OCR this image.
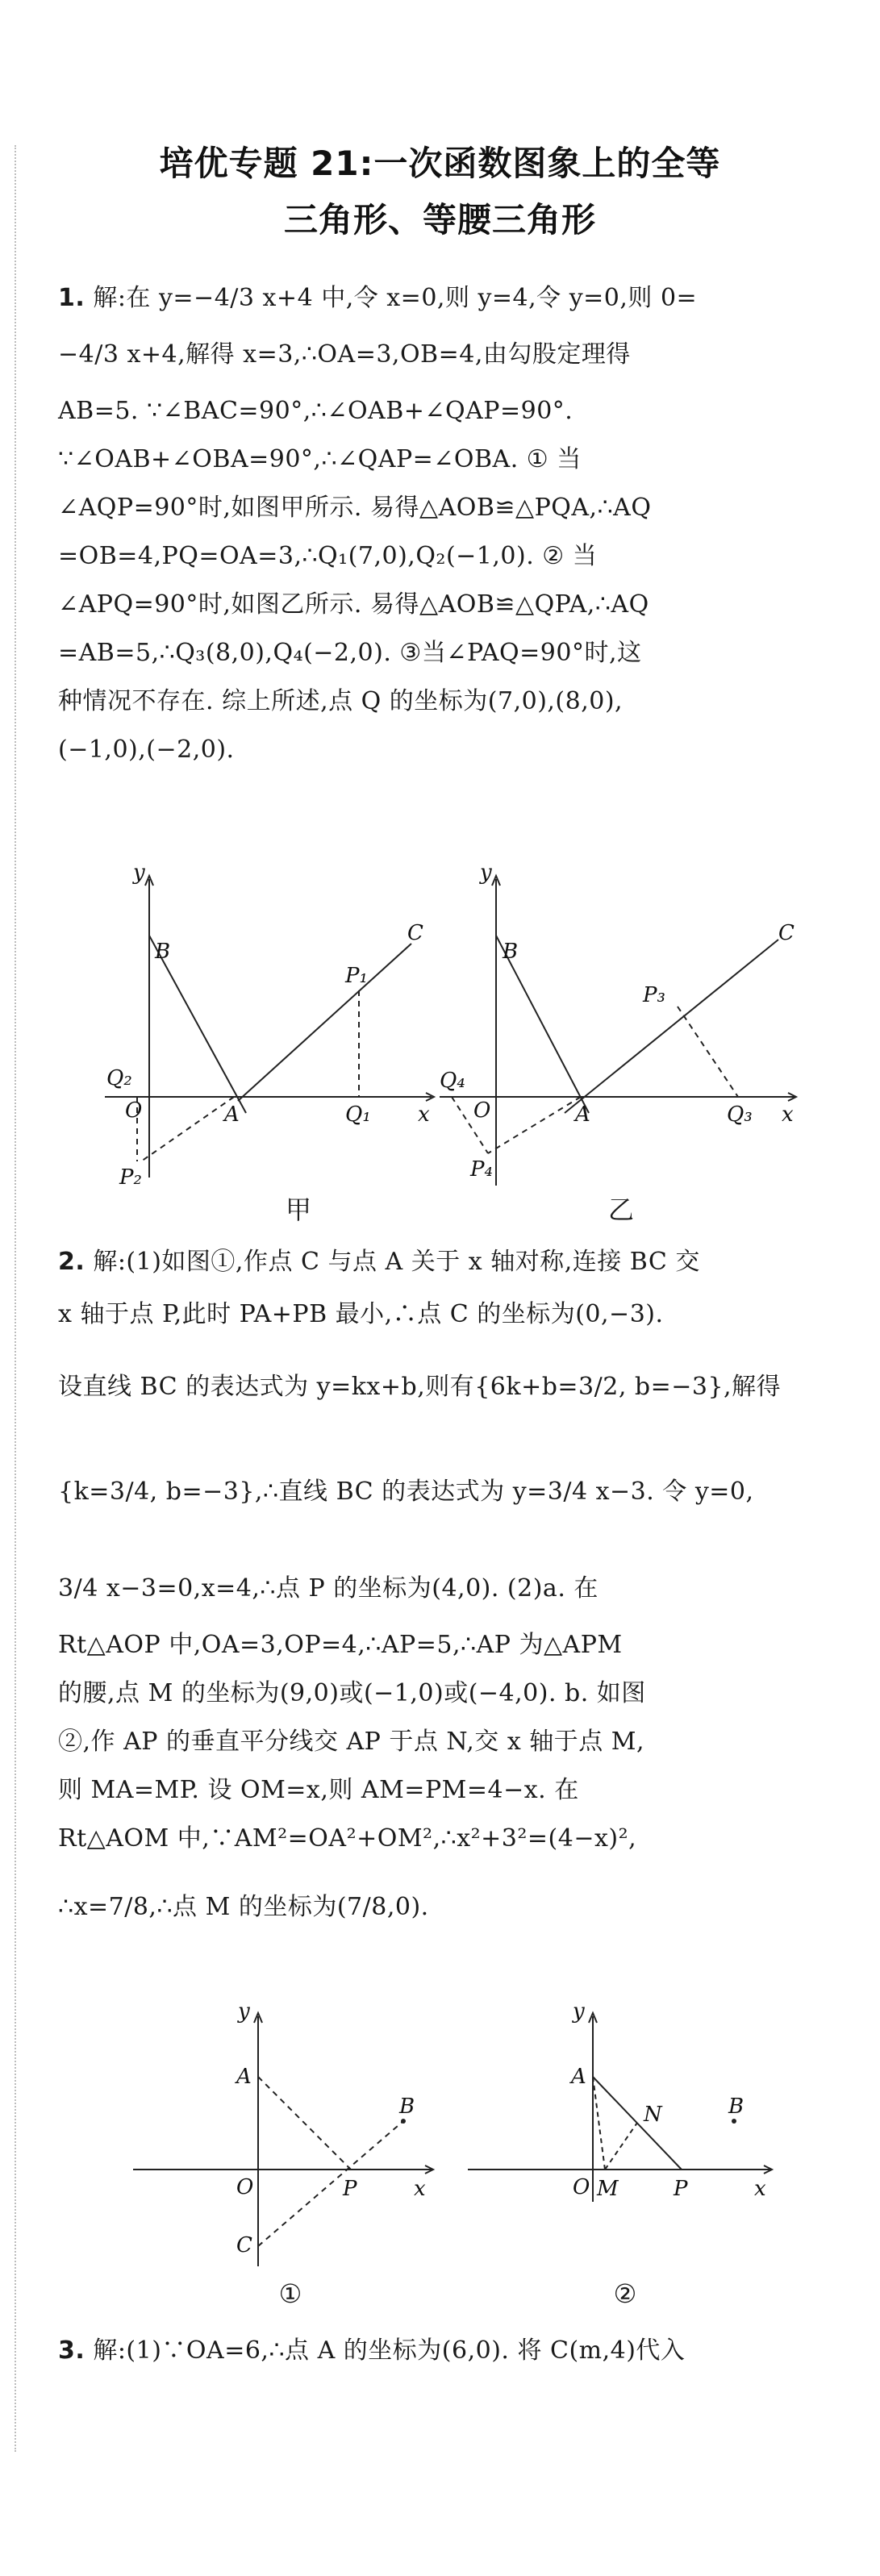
培优专题 21:一次函数图象上的全等
三角形、等腰三角形
1. 解:在 y=−4/3 x+4 中,令 x=0,则 y=4,令 y=0,则 0=
−4/3 x+4,解得 x=3,∴OA=3,OB=4,由勾股定理得
AB=5. ∵∠BAC=90°,∴∠OAB+∠QAP=90°.
∵∠OAB+∠OBA=90°,∴∠QAP=∠OBA. ① 当
∠AQP=90°时,如图甲所示. 易得△AOB≌△PQA,∴AQ
=OB=4,PQ=OA=3,∴Q₁(7,0),Q₂(−1,0). ② 当
∠APQ=90°时,如图乙所示. 易得△AOB≌△QPA,∴AQ
=AB=5,∴Q₃(8,0),Q₄(−2,0). ③当∠PAQ=90°时,这
种情况不存在. 综上所述,点 Q 的坐标为(7,0),(8,0),
(−1,0),(−2,0).
y
x
B
C
P₁
Q₂
O	A	Q₁
P₂
甲
y
x
B
C
P₃
Q₄
O	A	Q₃
P₄
乙
2. 解:(1)如图①,作点 C 与点 A 关于 x 轴对称,连接 BC 交
x 轴于点 P,此时 PA+PB 最小,∴点 C 的坐标为(0,−3).
设直线 BC 的表达式为 y=kx+b,则有{6k+b=3/2, b=−3},解得
{k=3/4, b=−3},∴直线 BC 的表达式为 y=3/4 x−3. 令 y=0,
3/4 x−3=0,x=4,∴点 P 的坐标为(4,0). (2)a. 在
Rt△AOP 中,OA=3,OP=4,∴AP=5,∴AP 为△APM
的腰,点 M 的坐标为(9,0)或(−1,0)或(−4,0). b. 如图
②,作 AP 的垂直平分线交 AP 于点 N,交 x 轴于点 M,
则 MA=MP. 设 OM=x,则 AM=PM=4−x. 在
Rt△AOM 中,∵AM²=OA²+OM²,∴x²+3²=(4−x)²,
∴x=7/8,∴点 M 的坐标为(7/8,0).
y
x
A
B
O	P
C
①
y
x
A
N	B
O M	P
②
3. 解:(1)∵OA=6,∴点 A 的坐标为(6,0). 将 C(m,4)代入
